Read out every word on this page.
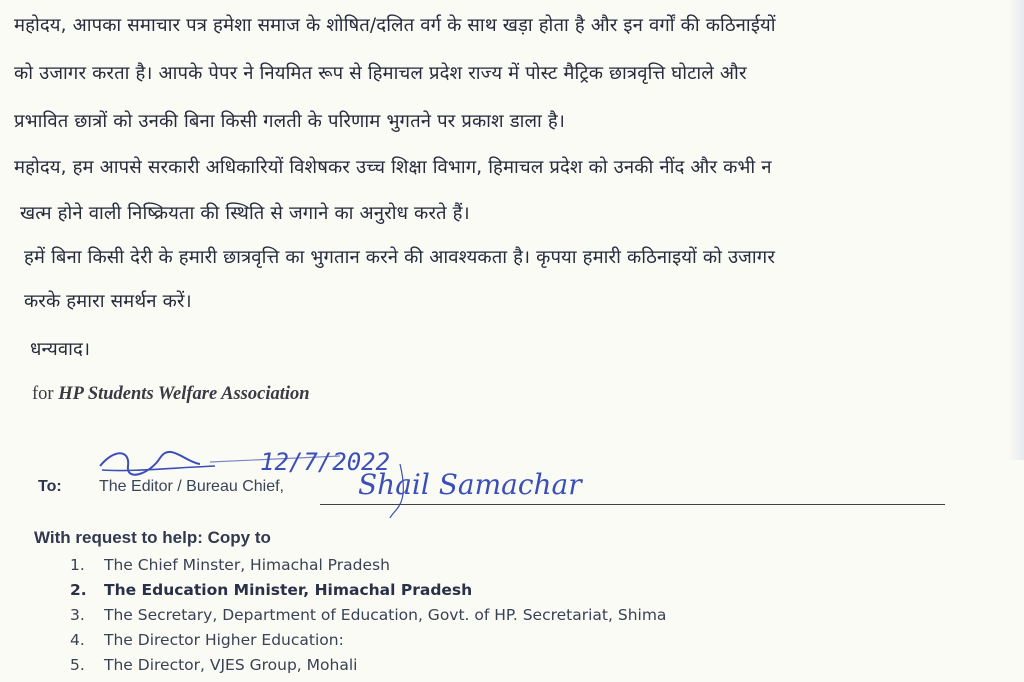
महोदय, आपका समाचार पत्र हमेशा समाज के शोषित/दलित वर्ग के साथ खड़ा होता है और इन वर्गों की कठिनाईयों
को उजागर करता है। आपके पेपर ने नियमित रूप से हिमाचल प्रदेश राज्य में पोस्ट मैट्रिक छात्रवृत्ति घोटाले और
प्रभावित छात्रों को उनकी बिना किसी गलती के परिणाम भुगतने पर प्रकाश डाला है।
महोदय, हम आपसे सरकारी अधिकारियों विशेषकर उच्च शिक्षा विभाग, हिमाचल प्रदेश को उनकी नींद और कभी न
खत्म होने वाली निष्क्रियता की स्थिति से जगाने का अनुरोध करते हैं।
हमें बिना किसी देरी के हमारी छात्रवृत्ति का भुगतान करने की आवश्यकता है। कृपया हमारी कठिनाइयों को उजागर
करके हमारा समर्थन करें।
धन्यवाद।
for HP Students Welfare Association
Shubha	12/7/2022
Shail Samachar
To: The Editor / Bureau Chief,
With request to help: Copy to
1. The Chief Minster, Himachal Pradesh
2. The Education Minister, Himachal Pradesh
3. The Secretary, Department of Education, Govt. of HP. Secretariat, Shima
4. The Director Higher Education:
5. The Director, VJES Group, Mohali
